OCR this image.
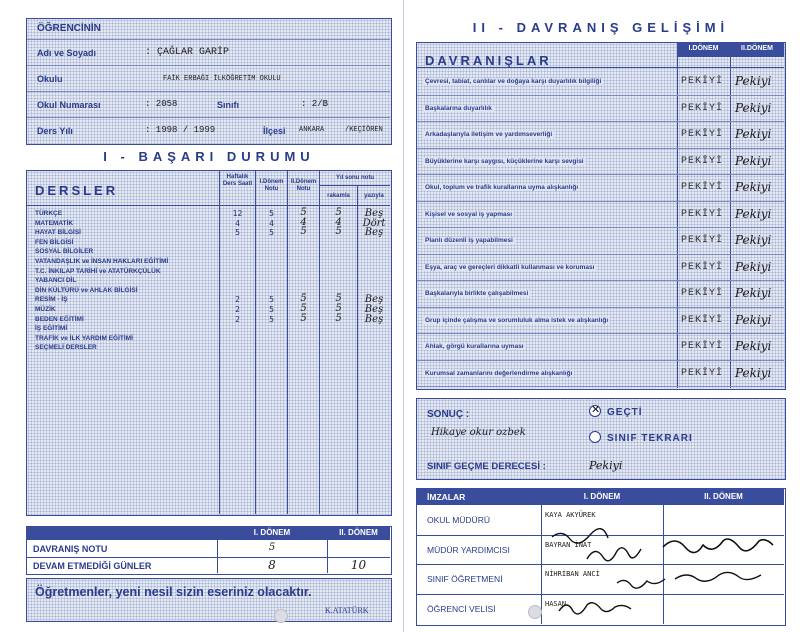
ÖĞRENCİNİN
Adı ve Soyadı	: ÇAĞLAR GARİP
Okulu	FAİK ERBAĞI İLKÖĞRETİM OKULU
Okul Numarası	: 2058	Sınıfı	: 2/B
Ders Yılı	: 1998 / 1999	İlçesi ANKARA	/KEÇİÖREN
I - BAŞARI DURUMU
DERSLER
Haftalık Ders Saati	I.Dönem Notu
II.Dönem Notu
Yıl sonu notu
rakamla	yazıyla
TÜRKÇE	12	5	5	5	Beş
MATEMATİK	4	4	4	4	Dört
HAYAT BİLGİSİ	5	5	5	5	Beş
FEN BİLGİSİ
SOSYAL BİLGİLER
VATANDAŞLIK ve İNSAN HAKLARI EĞİTİMİ
T.C. İNKILAP TARİHİ ve ATATÜRKÇÜLÜK
YABANCI DİL
DİN KÜLTÜRÜ ve AHLAK BİLGİSİ
RESİM - İŞ	2	5	5	5	Beş
MÜZİK	2	5	5	5	Beş
BEDEN EĞİTİMİ	2	5	5	5	Beş
İŞ EĞİTİMİ
TRAFİK ve İLK YARDIM EĞİTİMİ
SEÇMELİ DERSLER
I. DÖNEM	II. DÖNEM
DAVRANIŞ NOTU	5
DEVAM ETMEDİĞİ GÜNLER	8	10
Öğretmenler, yeni nesil sizin eseriniz olacaktır.
K.ATATÜRK
II - DAVRANIŞ GELİŞİMİ
DAVRANIŞLAR
I.DÖNEM	II.DÖNEM
Çevresi, tabiat, canlılar ve doğaya karşı duyarlılık bilgiliği	PEKİYİ Pekiyi
Başkalarına duyarlılık	PEKİYİ Pekiyi
Arkadaşlarıyla iletişim ve yardımseverliği	PEKİYİ Pekiyi
Büyüklerine karşı saygısı, küçüklerine karşı sevgisi	PEKİYİ Pekiyi
Okul, toplum ve trafik kurallarına uyma alışkanlığı	PEKİYİ Pekiyi
Kişisel ve sosyal iş yapması	PEKİYİ Pekiyi
Planlı düzenli iş yapabilmesi	PEKİYİ Pekiyi
Eşya, araç ve gereçleri dikkatli kullanması ve koruması	PEKİYİ Pekiyi
Başkalarıyla birlikte çalışabilmesi	PEKİYİ Pekiyi
Grup içinde çalışma ve sorumluluk alma istek ve alışkanlığı	PEKİYİ Pekiyi
Ahlak, görgü kurallarına uyması	PEKİYİ Pekiyi
Kurumsal zamanlarını değerlendirme alışkanlığı	PEKİYİ Pekiyi
SONUÇ :
Hikaye okur ozbek
✕ GEÇTİ
SINIF TEKRARI
SINIF GEÇME DERECESİ :	Pekiyi
İMZALAR	I. DÖNEM	II. DÖNEM
OKUL MÜDÜRÜ	KAYA AKYÜREK
MÜDÜR YARDIMCISI	BAYRAN İNAT
SINIF ÖĞRETMENİ	NİHRİBAN ANCİ
ÖĞRENCİ VELİSİ	HASAN
